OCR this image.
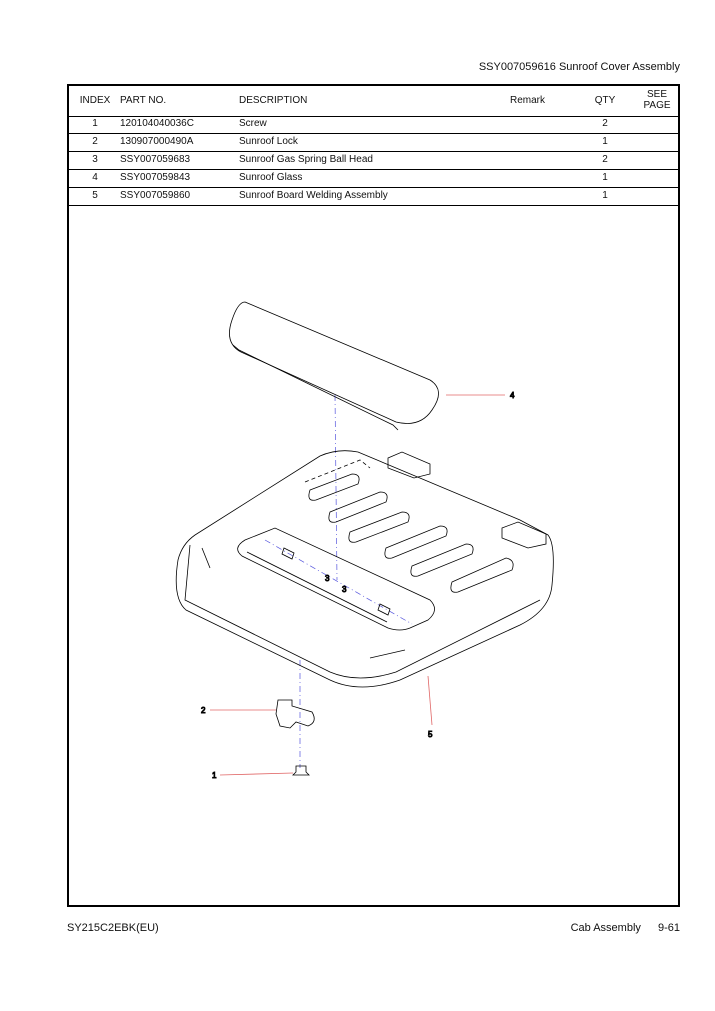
SSY007059616 Sunroof Cover Assembly
INDEX PART NO.	DESCRIPTION	Remark	QTY
SEE
PAGE
1	120104040036C	Screw	2
2	130907000490A	Sunroof Lock	1
3	SSY007059683	Sunroof Gas Spring Ball Head	2
4	SSY007059843	Sunroof Glass	1
5	SSY007059860	Sunroof Board Welding Assembly	1
4
2
1
5
3
3
SY215C2EBK(EU)	Cab Assembly 9-61
